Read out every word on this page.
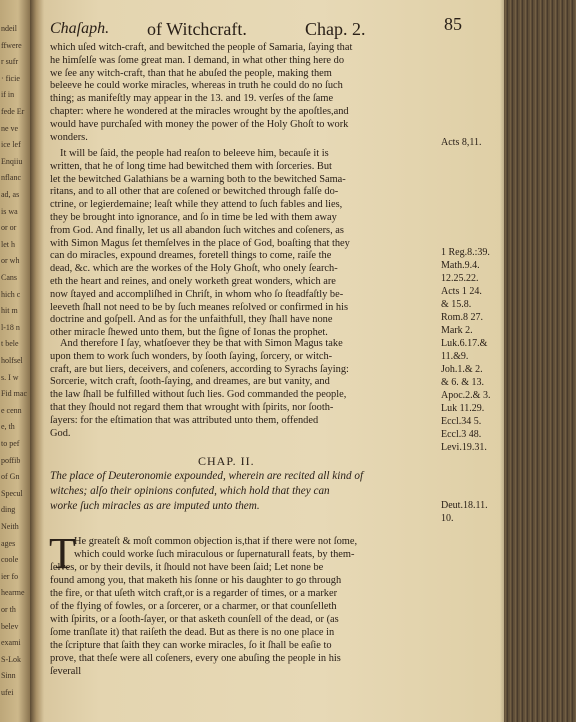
ndeil
ffwere
r sufr
· ficie
if in
fede Er
ne ve
ice lef
Enqiiu
nflanc
ad, as
is wa
or or
let h
or wh
Cans
hich c
hit m
l-18 n
t bele
holfsel
s. I w
Fid mac
e cenn
e, th
to pef
poffib
of Gn
Specul
ding
Neith
ages
coole
ier fo
hearme
or th
belev
exami
S-Lok
Sinn
ufei
Chaſaph. of Witchcraft.	Chap. 2.	85
which uſed witch-craft, and bewitched the people of Samaria, ſaying that
he himſelſe was ſome great man. I demand, in what other thing here do
we ſee any witch-craft, than that he abuſed the people, making them
beleeve he could worke miracles, whereas in truth he could do no ſuch
thing; as manifeſtly may appear in the 13. and 19. verſes of the ſame
chapter: where he wondered at the miracles wrought by the apoſtles,and
would have purchaſed with money the power of the Holy Ghoſt to work
wonders.
It will be ſaid, the people had reaſon to beleeve him, becauſe it is
written, that he of long time had bewitched them with ſorceries. But
let the bewitched Galathians be a warning both to the bewitched Sama-
ritans, and to all other that are coſened or bewitched through falſe do-
ctrine, or legierdemaine; leaſt while they attend to ſuch fables and lies,
they be brought into ignorance, and ſo in time be led with them away
from God. And finally, let us all abandon ſuch witches and coſeners, as
with Simon Magus ſet themſelves in the place of God, boaſting that they
can do miracles, expound dreames, foretell things to come, raiſe the
dead, &c. which are the workes of the Holy Ghoſt, who onely ſearch-
eth the heart and reines, and onely worketh great wonders, which are
now ſtayed and accompliſhed in Chriſt, in whom who ſo ſteadfaſtly be-
leeveth ſhall not need to be by ſuch meanes reſolved or confirmed in his
doctrine and goſpell. And as for the unfaithfull, they ſhall have none
other miracle ſhewed unto them, but the ſigne of Ionas the prophet.
And therefore I ſay, whatſoever they be that with Simon Magus take
upon them to work ſuch wonders, by ſooth ſaying, ſorcery, or witch-
craft, are but liers, deceivers, and coſeners, according to Syrachs ſaying:
Sorcerie, witch craft, ſooth-ſaying, and dreames, are but vanity, and
the law ſhall be fulfilled without ſuch lies. God commanded the people,
that they ſhould not regard them that wrought with ſpirits, nor ſooth-
ſayers: for the eſtimation that was attributed unto them, offended
God.
The place of Deuteronomie expounded, wherein are recited all kind of
witches; alſo their opinions confuted, which hold that they can
worke ſuch miracles as are imputed unto them.
He greateſt & moſt common objection is,that if there were not ſome,
which could worke ſuch miraculous or ſupernaturall feats, by them-
ſelves, or by their devils, it ſhould not have been ſaid; Let none be
found among you, that maketh his ſonne or his daughter to go through
the fire, or that uſeth witch craft,or is a regarder of times, or a marker
of the flying of fowles, or a ſorcerer, or a charmer, or that counſelleth
with ſpirits, or a ſooth-ſayer, or that asketh counſell of the dead, or (as
ſome tranſlate it) that raiſeth the dead. But as there is no one place in
the ſcripture that ſaith they can worke miracles, ſo it ſhall be eaſie to
prove, that theſe were all coſeners, every one abuſing the people in his
ſeverall
CHAP. II.
T
Acts 8,11.
1 Reg.8.:39.
Math.9.4.
12.25.22.
Acts 1 24.
& 15.8.
Rom.8 27.
Mark 2.
Luk.6.17.&
11.&9.
Joh.1.& 2.
& 6. & 13.
Apoc.2.& 3.
Luk 11.29.
Eccl.34 5.
Eccl.3 48.
Levi.19.31.
Deut.18.11.
10.
